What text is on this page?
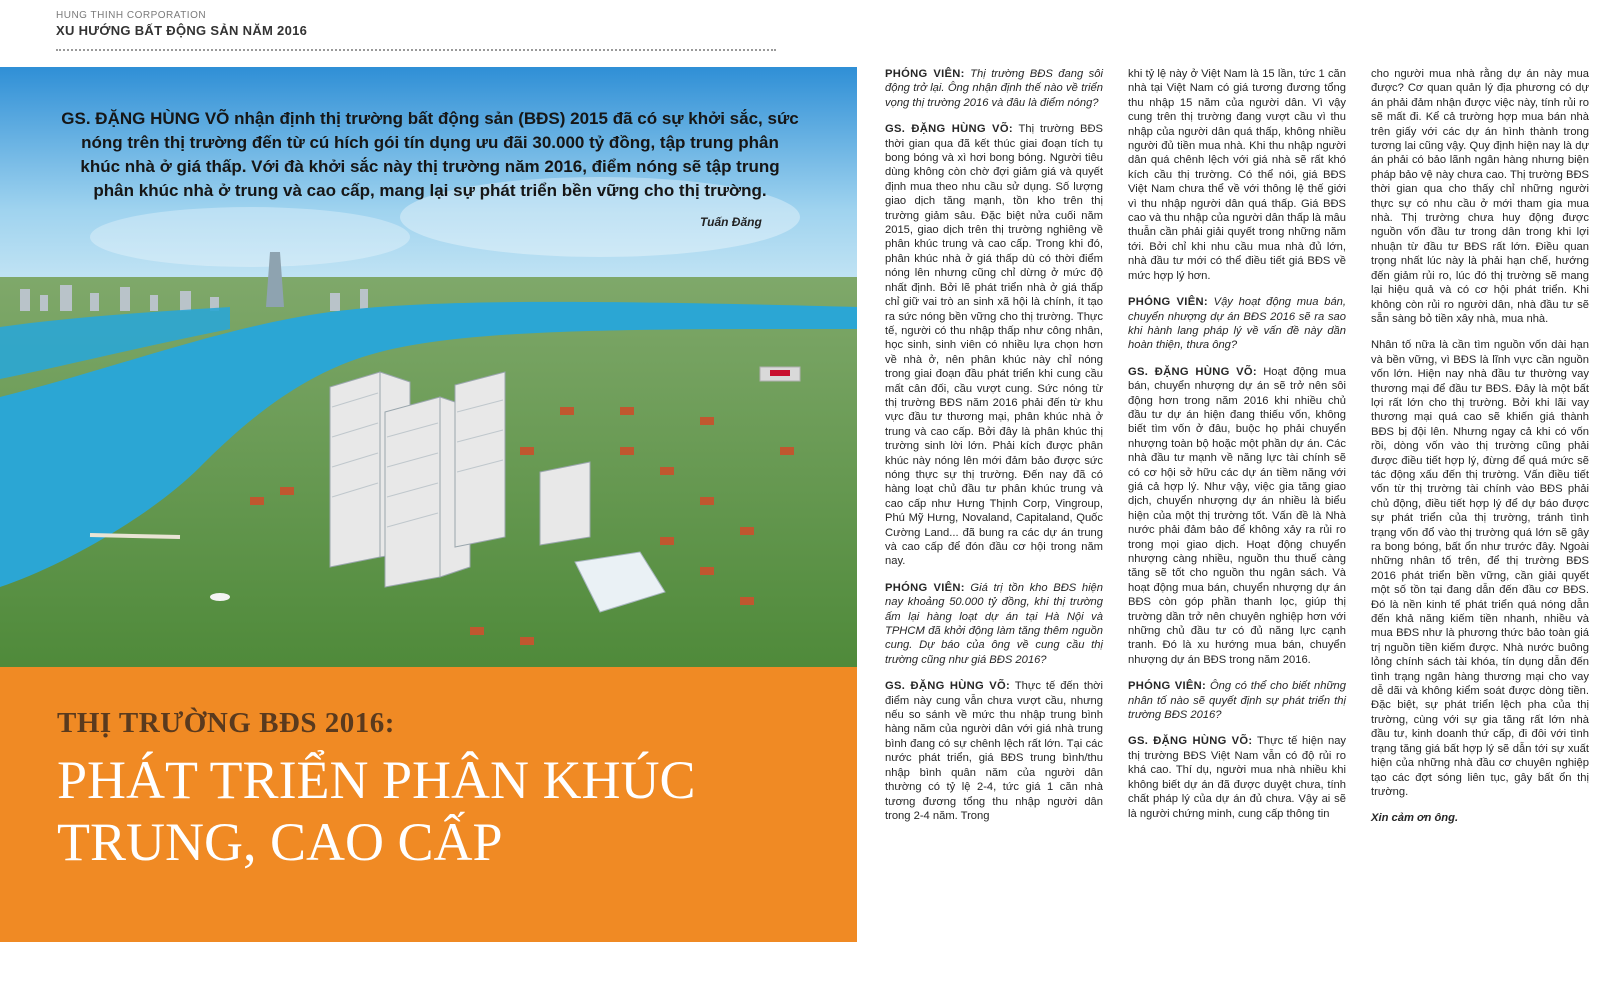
HUNG THINH CORPORATION
XU HƯỚNG BẤT ĐỘNG SẢN NĂM 2016
GS. ĐẶNG HÙNG VÕ nhận định thị trường bất động sản (BĐS) 2015 đã có sự khởi sắc, sức nóng trên thị trường đến từ cú hích gói tín dụng ưu đãi 30.000 tỷ đồng, tập trung phân khúc nhà ở giá thấp. Với đà khởi sắc này thị trường năm 2016, điểm nóng sẽ tập trung phân khúc nhà ở trung và cao cấp, mang lại sự phát triển bền vững cho thị trường.
Tuấn Đăng
THỊ TRƯỜNG BĐS 2016:
PHÁT TRIỂN PHÂN KHÚC
TRUNG, CAO CẤP

PHÓNG VIÊN: Thị trường BĐS đang sôi động trở lại. Ông nhận định thế nào về triển vọng thị trường 2016 và đâu là điểm nóng?

GS. ĐẶNG HÙNG VÕ: Thị trường BĐS thời gian qua đã kết thúc giai đoạn tích tụ bong bóng và xì hơi bong bóng. Người tiêu dùng không còn chờ đợi giảm giá và quyết định mua theo nhu cầu sử dụng. Số lượng giao dịch tăng mạnh, tồn kho trên thị trường giảm sâu. Đặc biệt nửa cuối năm 2015, giao dịch trên thị trường nghiêng về phân khúc trung và cao cấp. Trong khi đó, phân khúc nhà ở giá thấp dù có thời điểm nóng lên nhưng cũng chỉ dừng ở mức độ nhất định. Bởi lẽ phát triển nhà ở giá thấp chỉ giữ vai trò an sinh xã hội là chính, ít tạo ra sức nóng bền vững cho thị trường. Thực tế, người có thu nhập thấp như công nhân, học sinh, sinh viên có nhiều lựa chọn hơn về nhà ở, nên phân khúc này chỉ nóng trong giai đoạn đầu phát triển khi cung cầu mất cân đối, cầu vượt cung. Sức nóng từ thị trường BĐS năm 2016 phải đến từ khu vực đầu tư thương mại, phân khúc nhà ở trung và cao cấp. Bởi đây là phân khúc thị trường sinh lời lớn. Phải kích được phân khúc này nóng lên mới đảm bảo được sức nóng thực sự thị trường. Đến nay đã có hàng loạt chủ đầu tư phân khúc trung và cao cấp như Hưng Thịnh Corp, Vingroup, Phú Mỹ Hưng, Novaland, Capitaland, Quốc Cường Land... đã bung ra các dự án trung và cao cấp để đón đầu cơ hội trong năm nay.

PHÓNG VIÊN: Giá trị tồn kho BĐS hiện nay khoảng 50.000 tỷ đồng, khi thị trường ấm lại hàng loạt dự án tại Hà Nội và TPHCM đã khởi động làm tăng thêm nguồn cung. Dự báo của ông về cung cầu thị trường cũng như giá BĐS 2016?

GS. ĐẶNG HÙNG VÕ: Thực tế đến thời điểm này cung vẫn chưa vượt cầu, nhưng nếu so sánh về mức thu nhập trung bình hàng năm của người dân với giá nhà trung bình đang có sự chênh lệch rất lớn. Tại các nước phát triển, giá BĐS trung bình/thu nhập bình quân năm của người dân thường có tỷ lệ 2-4, tức giá 1 căn nhà tương đương tổng thu nhập người dân trong 2-4 năm. Trong

khi tỷ lệ này ở Việt Nam là 15 lần, tức 1 căn nhà tại Việt Nam có giá tương đương tổng thu nhập 15 năm của người dân. Vì vậy cung trên thị trường đang vượt cầu vì thu nhập của người dân quá thấp, không nhiều người đủ tiền mua nhà. Khi thu nhập người dân quá chênh lệch với giá nhà sẽ rất khó kích cầu thị trường. Có thể nói, giá BĐS Việt Nam chưa thể về với thông lệ thế giới vì thu nhập người dân quá thấp. Giá BĐS cao và thu nhập của người dân thấp là mâu thuẫn cần phải giải quyết trong những năm tới. Bởi chỉ khi nhu cầu mua nhà đủ lớn, nhà đầu tư mới có thể điều tiết giá BĐS về mức hợp lý hơn.

PHÓNG VIÊN: Vậy hoạt động mua bán, chuyển nhượng dự án BĐS 2016 sẽ ra sao khi hành lang pháp lý về vấn đề này dần hoàn thiện, thưa ông?

GS. ĐẶNG HÙNG VÕ: Hoạt động mua bán, chuyển nhượng dự án sẽ trở nên sôi động hơn trong năm 2016 khi nhiều chủ đầu tư dự án hiện đang thiếu vốn, không biết tìm vốn ở đâu, buộc họ phải chuyển nhượng toàn bộ hoặc một phần dự án. Các nhà đầu tư mạnh về năng lực tài chính sẽ có cơ hội sở hữu các dự án tiềm năng với giá cả hợp lý. Như vậy, việc gia tăng giao dịch, chuyển nhượng dự án nhiều là biểu hiện của một thị trường tốt. Vấn đề là Nhà nước phải đảm bảo để không xảy ra rủi ro trong mọi giao dịch. Hoạt động chuyển nhượng càng nhiều, nguồn thu thuế càng tăng sẽ tốt cho nguồn thu ngân sách. Và hoạt động mua bán, chuyển nhượng dự án BĐS còn góp phần thanh lọc, giúp thị trường dần trở nên chuyên nghiệp hơn với những chủ đầu tư có đủ năng lực cạnh tranh. Đó là xu hướng mua bán, chuyển nhượng dự án BĐS trong năm 2016.

PHÓNG VIÊN: Ông có thể cho biết những nhân tố nào sẽ quyết định sự phát triển thị trường BĐS 2016?

GS. ĐẶNG HÙNG VÕ: Thực tế hiện nay thị trường BĐS Việt Nam vẫn có độ rủi ro khá cao. Thí dụ, người mua nhà nhiều khi không biết dự án đã được duyệt chưa, tính chất pháp lý của dự án đủ chưa. Vậy ai sẽ là người chứng minh, cung cấp thông tin

cho người mua nhà rằng dự án này mua được? Cơ quan quản lý địa phương có dự án phải đảm nhận được việc này, tính rủi ro sẽ mất đi. Kể cả trường hợp mua bán nhà trên giấy với các dự án hình thành trong tương lai cũng vậy. Quy định hiện nay là dự án phải có bảo lãnh ngân hàng nhưng biện pháp bảo vệ này chưa cao. Thị trường BĐS thời gian qua cho thấy chỉ những người thực sự có nhu cầu ở mới tham gia mua nhà. Thị trường chưa huy động được nguồn vốn đầu tư trong dân trong khi lợi nhuận từ đầu tư BĐS rất lớn. Điều quan trọng nhất lúc này là phải hạn chế, hướng đến giảm rủi ro, lúc đó thị trường sẽ mang lại hiệu quả và có cơ hội phát triển. Khi không còn rủi ro người dân, nhà đầu tư sẽ sẵn sàng bỏ tiền xây nhà, mua nhà.

Nhân tố nữa là cần tìm nguồn vốn dài hạn và bền vững, vì BĐS là lĩnh vực cần nguồn vốn lớn. Hiện nay nhà đầu tư thường vay thương mại để đầu tư BĐS. Đây là một bất lợi rất lớn cho thị trường. Bởi khi lãi vay thương mại quá cao sẽ khiến giá thành BĐS bị đội lên. Nhưng ngay cả khi có vốn rồi, dòng vốn vào thị trường cũng phải được điều tiết hợp lý, đừng để quá mức sẽ tác động xấu đến thị trường. Vấn điều tiết vốn từ thị trường tài chính vào BĐS phải chủ động, điều tiết hợp lý để dự báo được sự phát triển của thị trường, tránh tình trạng vốn đổ vào thị trường quá lớn sẽ gây ra bong bóng, bất ổn như trước đây. Ngoài những nhân tố trên, để thị trường BĐS 2016 phát triển bền vững, cần giải quyết một số tồn tại đang dẫn đến đầu cơ BĐS. Đó là nền kinh tế phát triển quá nóng dẫn đến khả năng kiếm tiền nhanh, nhiều và mua BĐS như là phương thức bảo toàn giá trị nguồn tiền kiếm được. Nhà nước buông lỏng chính sách tài khóa, tín dụng dẫn đến tình trạng ngân hàng thương mại cho vay dễ dãi và không kiểm soát được dòng tiền. Đặc biệt, sự phát triển lệch pha của thị trường, cùng với sự gia tăng rất lớn nhà đầu tư, kinh doanh thứ cấp, đi đôi với tình trạng tăng giá bất hợp lý sẽ dẫn tới sự xuất hiện của những nhà đầu cơ chuyên nghiệp tạo các đợt sóng liên tục, gây bất ổn thị trường.

Xin cảm ơn ông.
